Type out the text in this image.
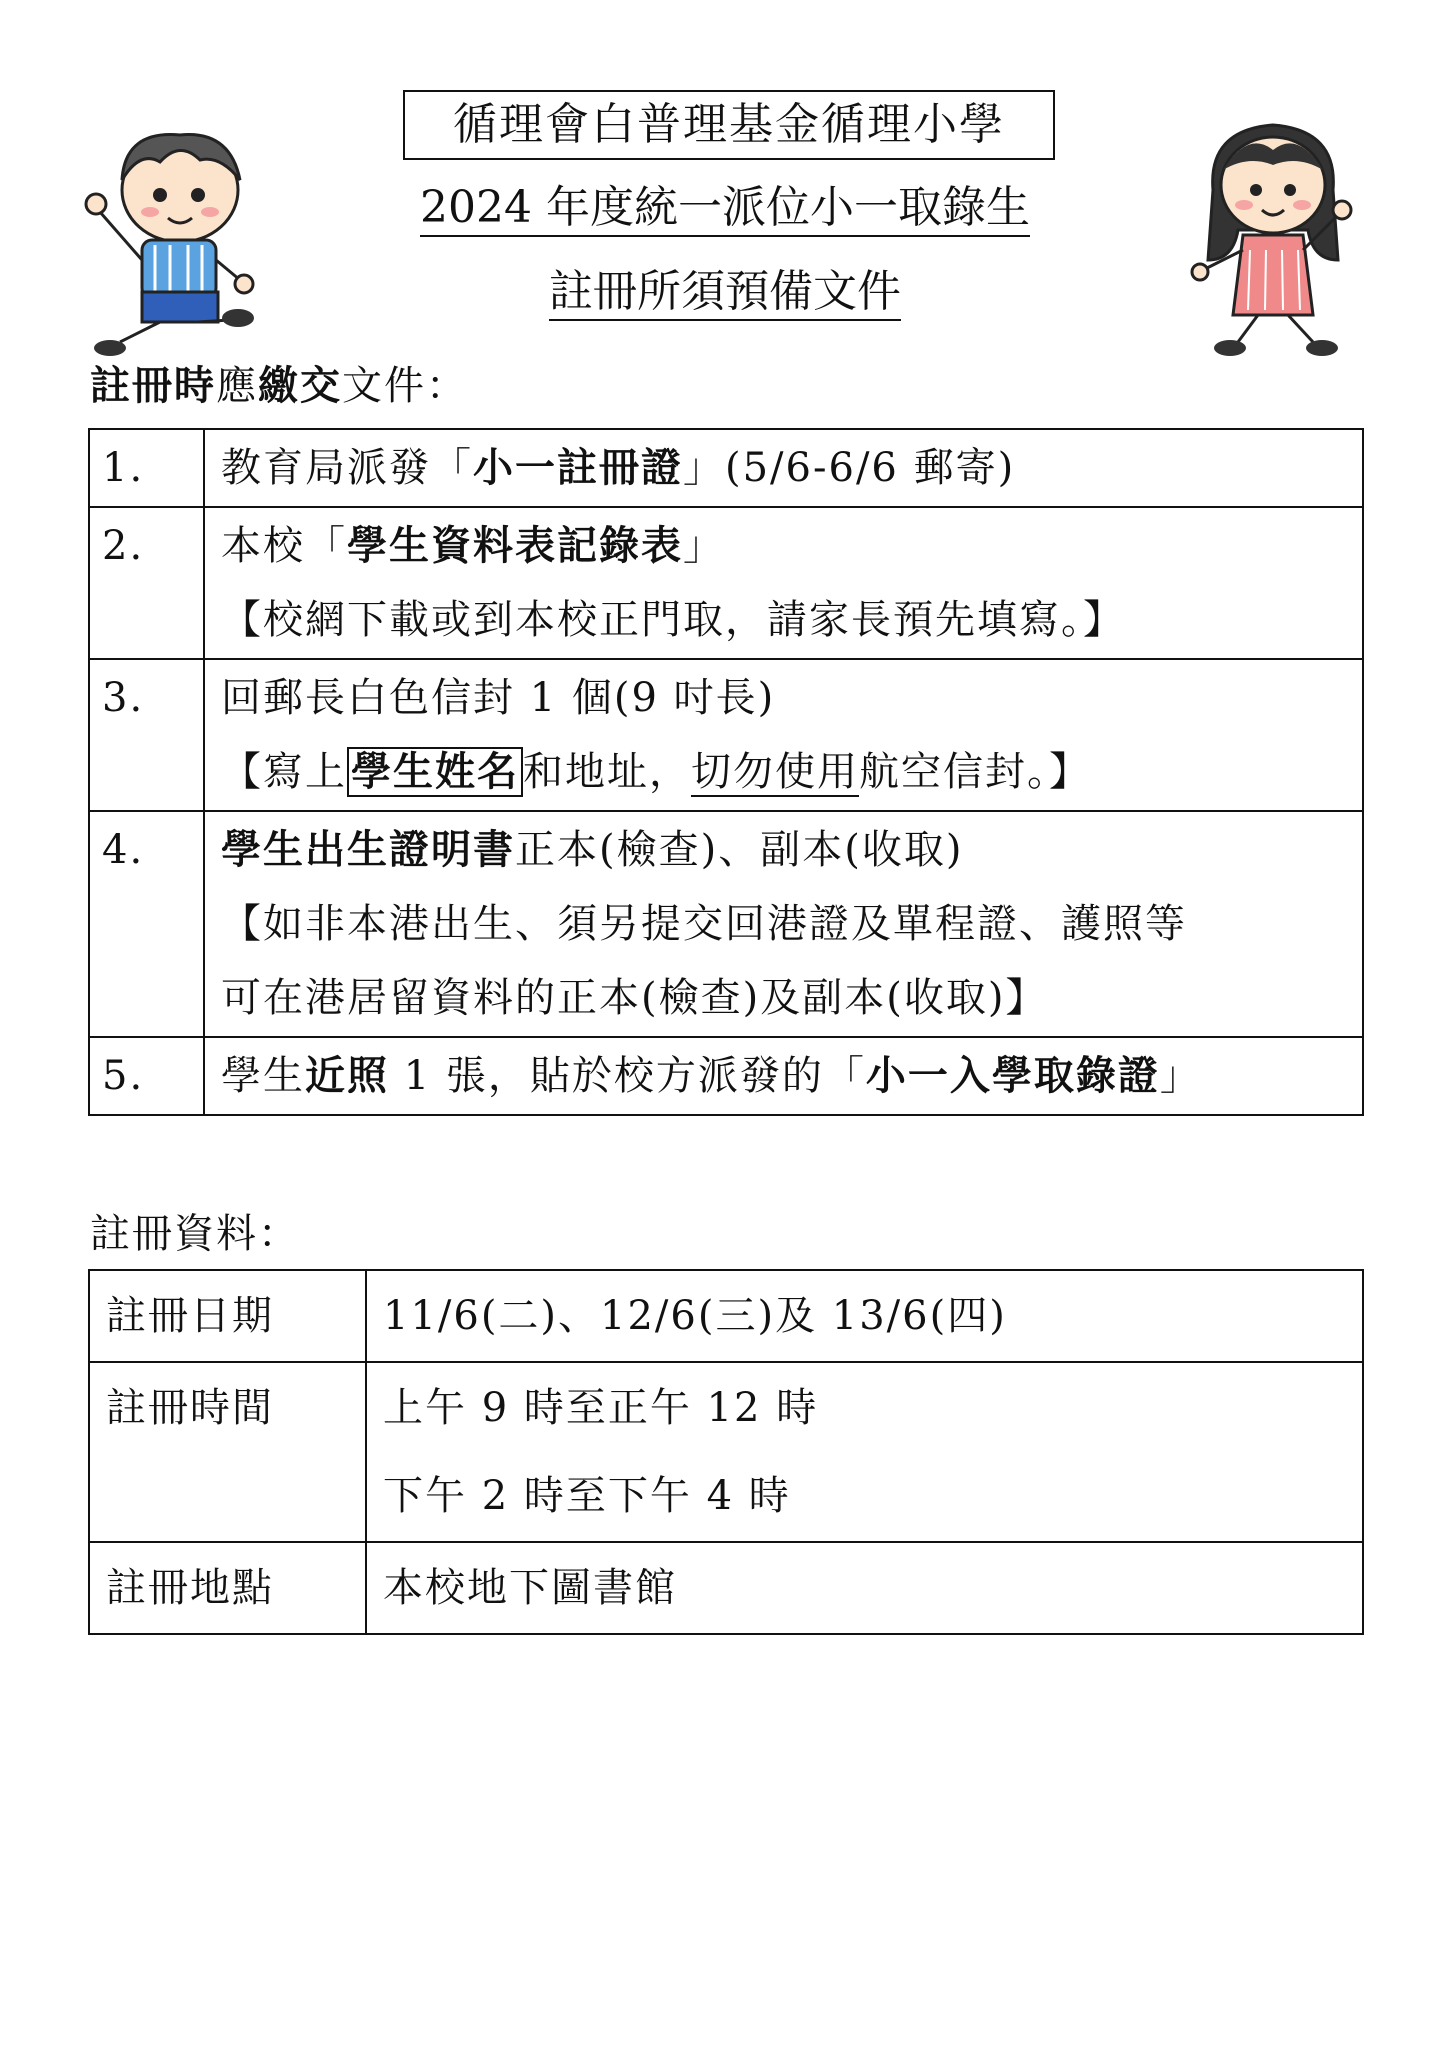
循理會白普理基金循理小學
2024 年度統一派位小一取錄生
註冊所須預備文件
註冊時應繳交文件：
1.	教育局派發「小一註冊證」(5/6-6/6 郵寄)
2.	本校「學生資料表記錄表」
【校網下載或到本校正門取，請家長預先填寫。】
3.	回郵長白色信封 1 個(9 吋長)
【寫上 學生姓名 和地址，切勿使用航空信封。】
4.	學生出生證明書正本(檢查)、副本(收取)
【如非本港出生、須另提交回港證及單程證、護照等
可在港居留資料的正本(檢查)及副本(收取)】
5.	學生近照 1 張，貼於校方派發的「小一入學取錄證」
註冊資料：
註冊日期	11/6(二)、12/6(三)及 13/6(四)
註冊時間	上午 9 時至正午 12 時
下午 2 時至下午 4 時
註冊地點	本校地下圖書館
